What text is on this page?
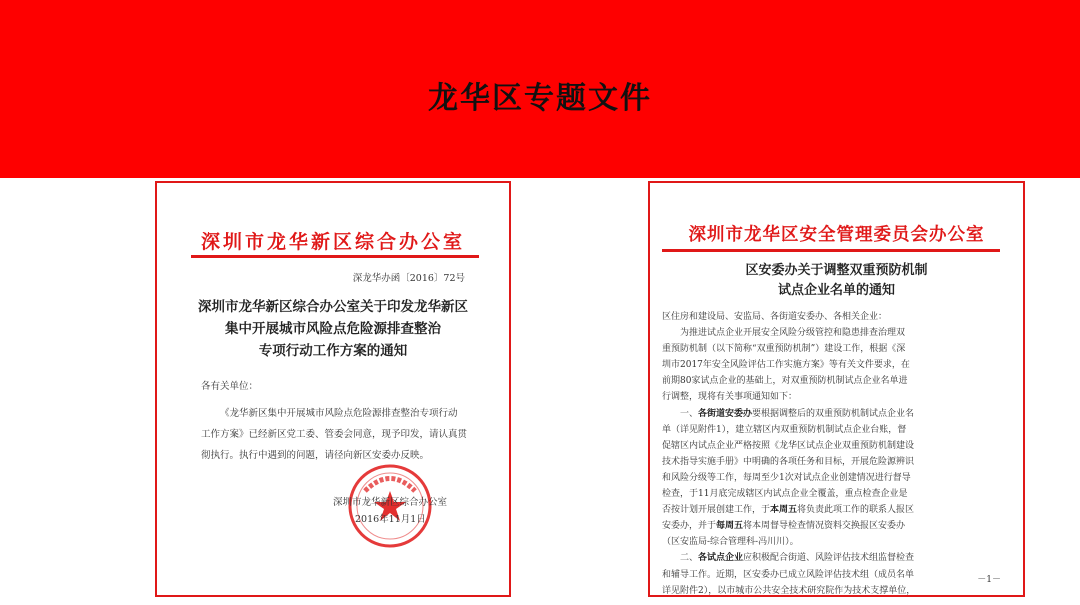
龙华区专题文件
深圳市龙华新区综合办公室
深龙华办函〔2016〕72号
深圳市龙华新区综合办公室关于印发龙华新区
集中开展城市风险点危险源排查整治
专项行动工作方案的通知
各有关单位：
《龙华新区集中开展城市风险点危险源排查整治专项行动
工作方案》已经新区党工委、管委会同意，现予印发，请认真贯
彻执行。执行中遇到的问题，请径向新区安委办反映。
深圳市龙华新区综合办公室
2016年11月1日
深圳市龙华区安全管理委员会办公室
区安委办关于调整双重预防机制
试点企业名单的通知
区住房和建设局、安监局、各街道安委办、各相关企业：
为推进试点企业开展安全风险分级管控和隐患排查治理双
重预防机制（以下简称“双重预防机制”）建设工作，根据《深
圳市2017年安全风险评估工作实施方案》等有关文件要求，在
前期80家试点企业的基础上，对双重预防机制试点企业名单进
行调整，现将有关事项通知如下：
一、各街道安委办要根据调整后的双重预防机制试点企业名
单（详见附件1），建立辖区内双重预防机制试点企业台账，督
促辖区内试点企业严格按照《龙华区试点企业双重预防机制建设
技术指导实施手册》中明确的各项任务和目标，开展危险源辨识
和风险分级等工作，每周至少1次对试点企业创建情况进行督导
检查，于11月底完成辖区内试点企业全覆盖，重点检查企业是
否按计划开展创建工作，于本周五将负责此项工作的联系人报区
安委办，并于每周五将本周督导检查情况资料交换报区安委办
（区安监局-综合管理科-冯川川）。
二、各试点企业应积极配合街道、风险评估技术组监督检查
和辅导工作。近期，区安委办已成立风险评估技术组（成员名单
详见附件2），以市城市公共安全技术研究院作为技术支撑单位，
－1－
